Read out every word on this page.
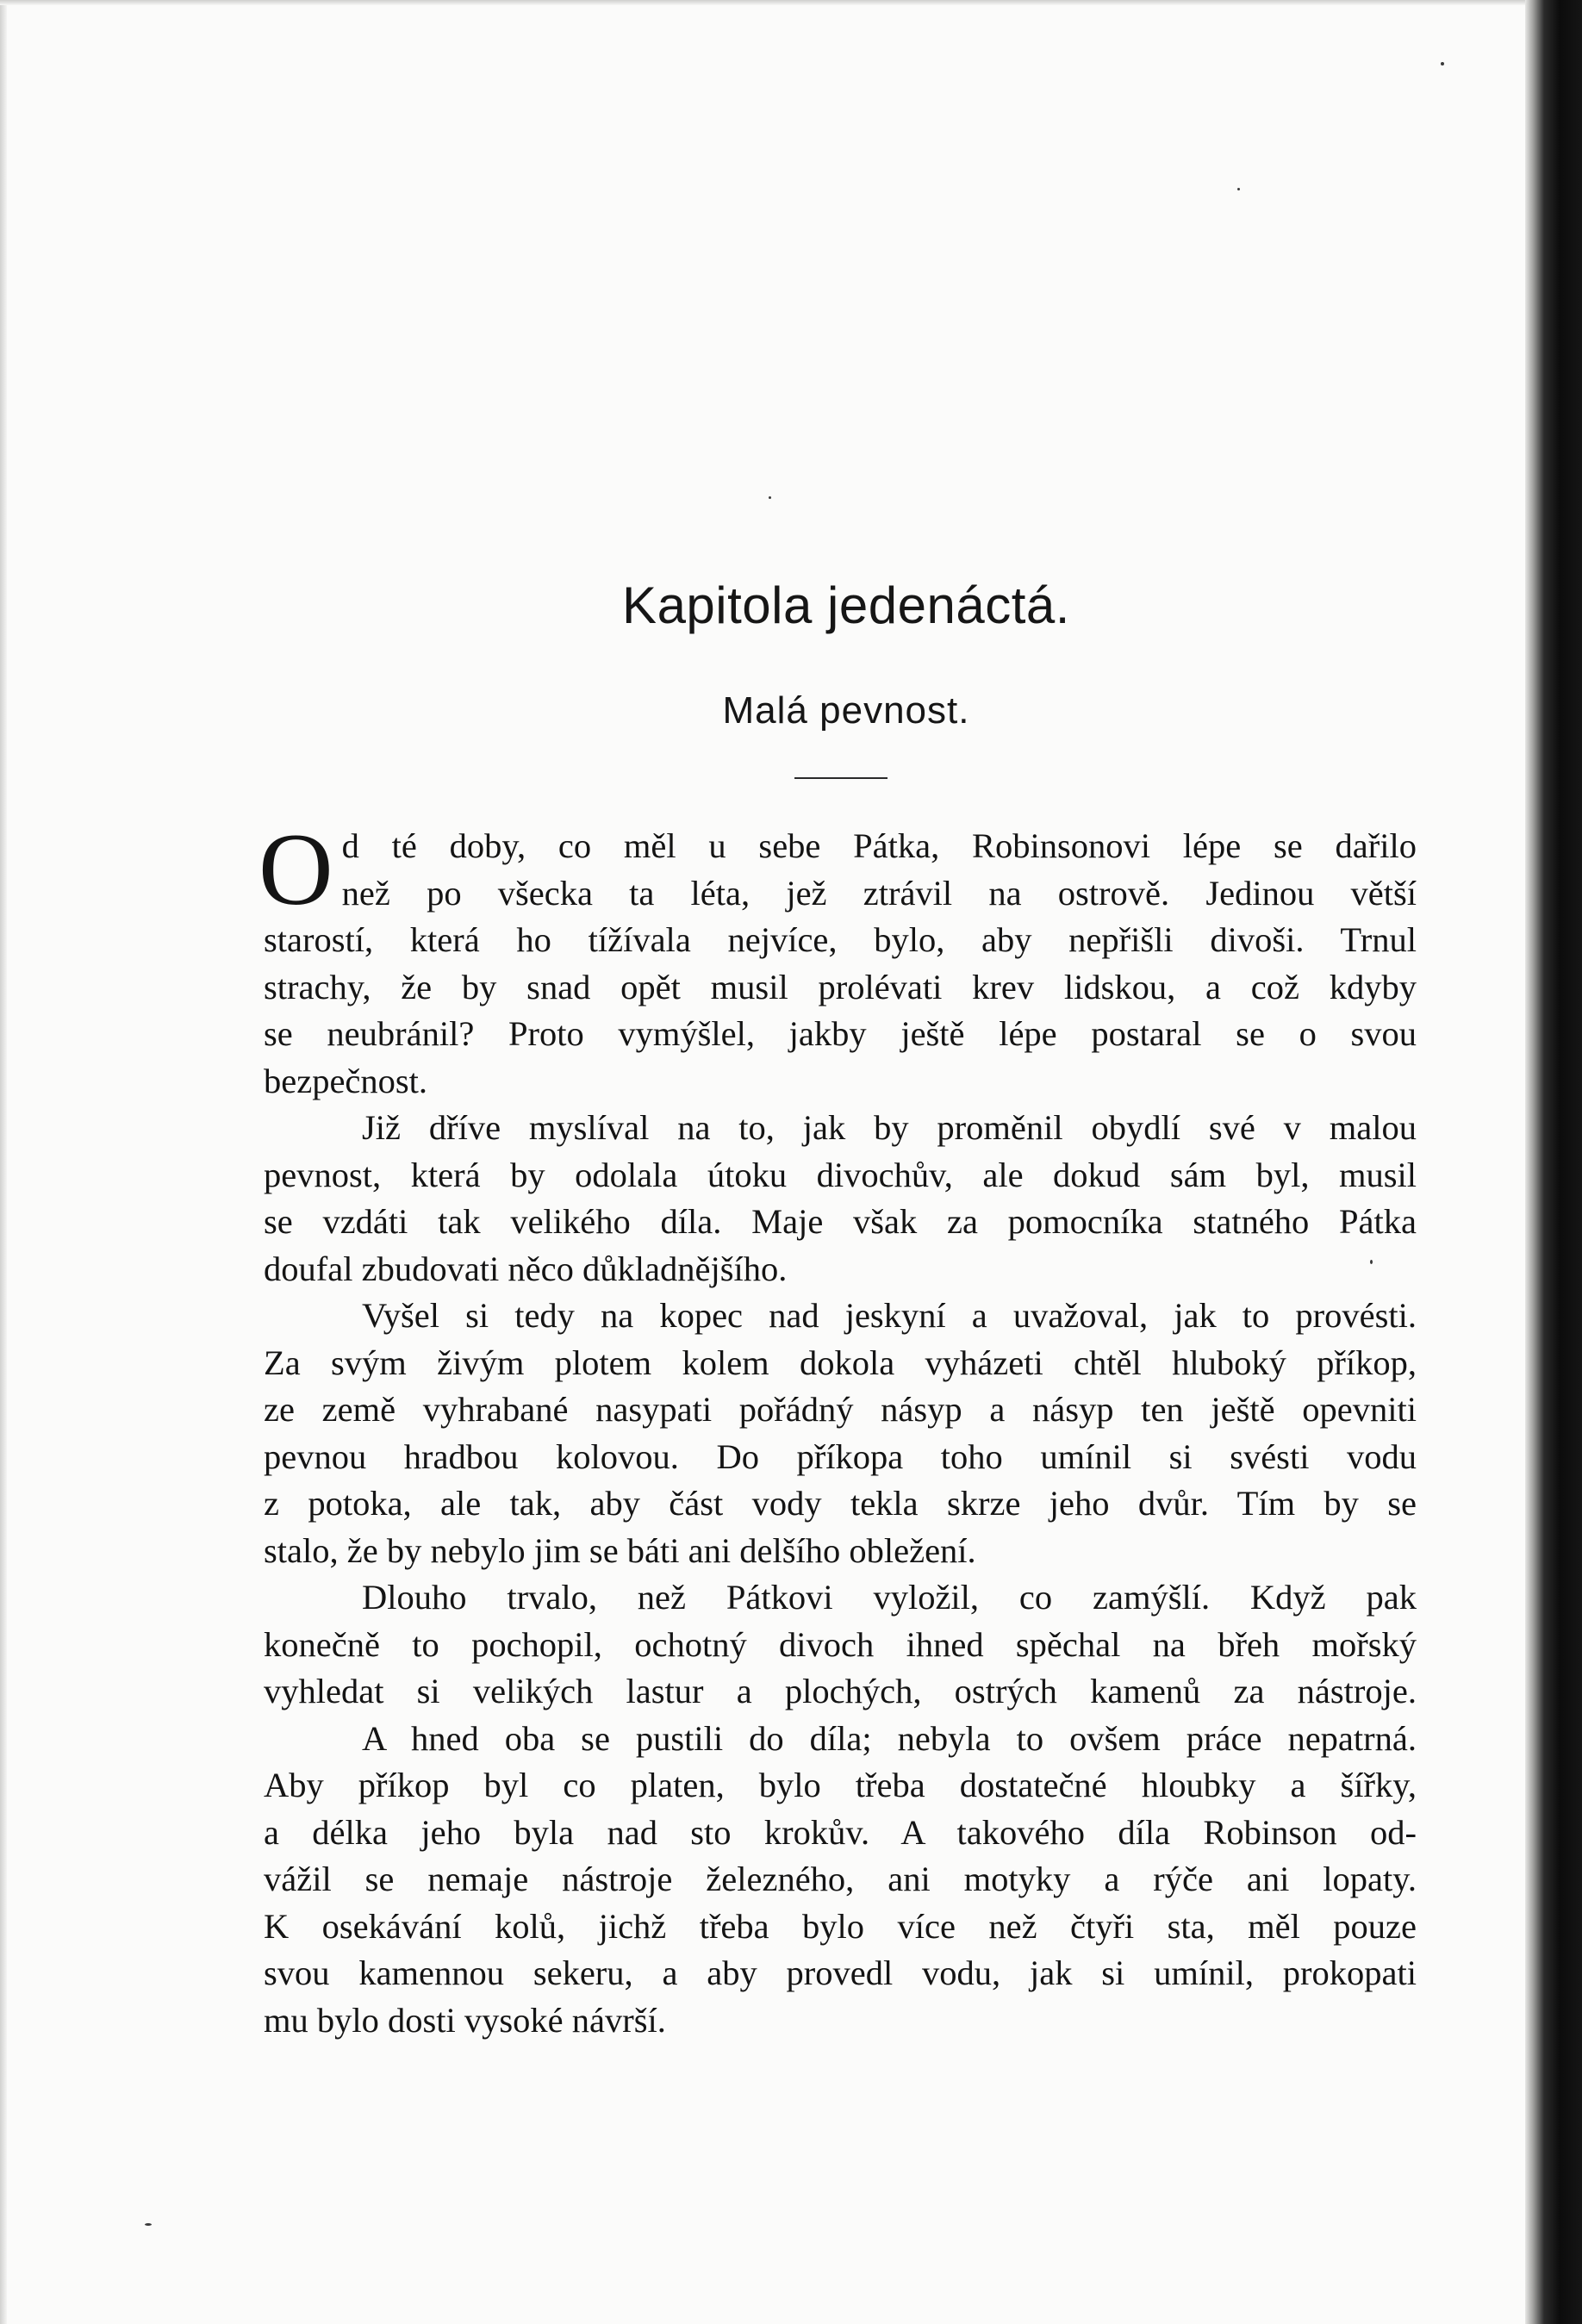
Kapitola jedenáctá.
Malá pevnost.
O d té doby, co měl u sebe Pátka, Robinsonovi lépe se dařilo

než po všecka ta léta, jež ztrávil na ostrově. Jedinou větší

starostí, která ho tížívala nejvíce, bylo, aby nepřišli divoši. Trnul

strachy, že by snad opět musil prolévati krev lidskou, a což kdyby

se neubránil? Proto vymýšlel, jakby ještě lépe postaral se o svou

bezpečnost.

Již dříve myslíval na to, jak by proměnil obydlí své v malou

pevnost, která by odolala útoku divochův, ale dokud sám byl, musil

se vzdáti tak velikého díla. Maje však za pomocníka statného Pátka

doufal zbudovati něco důkladnějšího.

Vyšel si tedy na kopec nad jeskyní a uvažoval, jak to provésti.

Za svým živým plotem kolem dokola vyházeti chtěl hluboký příkop,

ze země vyhrabané nasypati pořádný násyp a násyp ten ještě opevniti

pevnou hradbou kolovou. Do příkopa toho umínil si svésti vodu

z potoka, ale tak, aby část vody tekla skrze jeho dvůr. Tím by se

stalo, že by nebylo jim se báti ani delšího obležení.

Dlouho trvalo, než Pátkovi vyložil, co zamýšlí. Když pak

konečně to pochopil, ochotný divoch ihned spěchal na břeh mořský

vyhledat si velikých lastur a plochých, ostrých kamenů za nástroje.

A hned oba se pustili do díla; nebyla to ovšem práce nepatrná.

Aby příkop byl co platen, bylo třeba dostatečné hloubky a šířky,

a délka jeho byla nad sto krokův. A takového díla Robinson od-

vážil se nemaje nástroje železného, ani motyky a rýče ani lopaty.

K osekávání kolů, jichž třeba bylo více než čtyři sta, měl pouze

svou kamennou sekeru, a aby provedl vodu, jak si umínil, prokopati

mu bylo dosti vysoké návrší.
